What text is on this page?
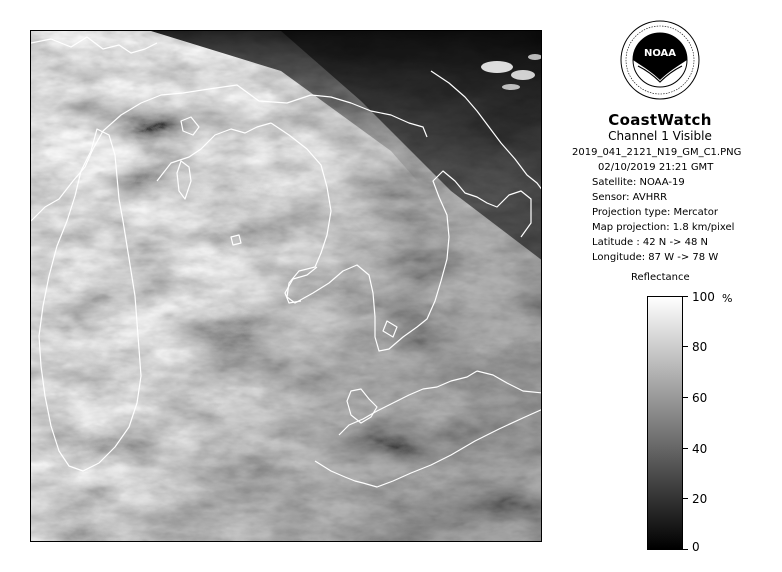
NOAA
CoastWatch
Channel 1 Visible
2019_041_2121_N19_GM_C1.PNG
02/10/2019 21:21 GMT
Satellite: NOAA-19
Sensor: AVHRR
Projection type: Mercator
Map projection: 1.8 km/pixel
Latitude : 42 N -> 48 N
Longitude: 87 W -> 78 W
Reflectance
%
100
80
60
40
20
0
